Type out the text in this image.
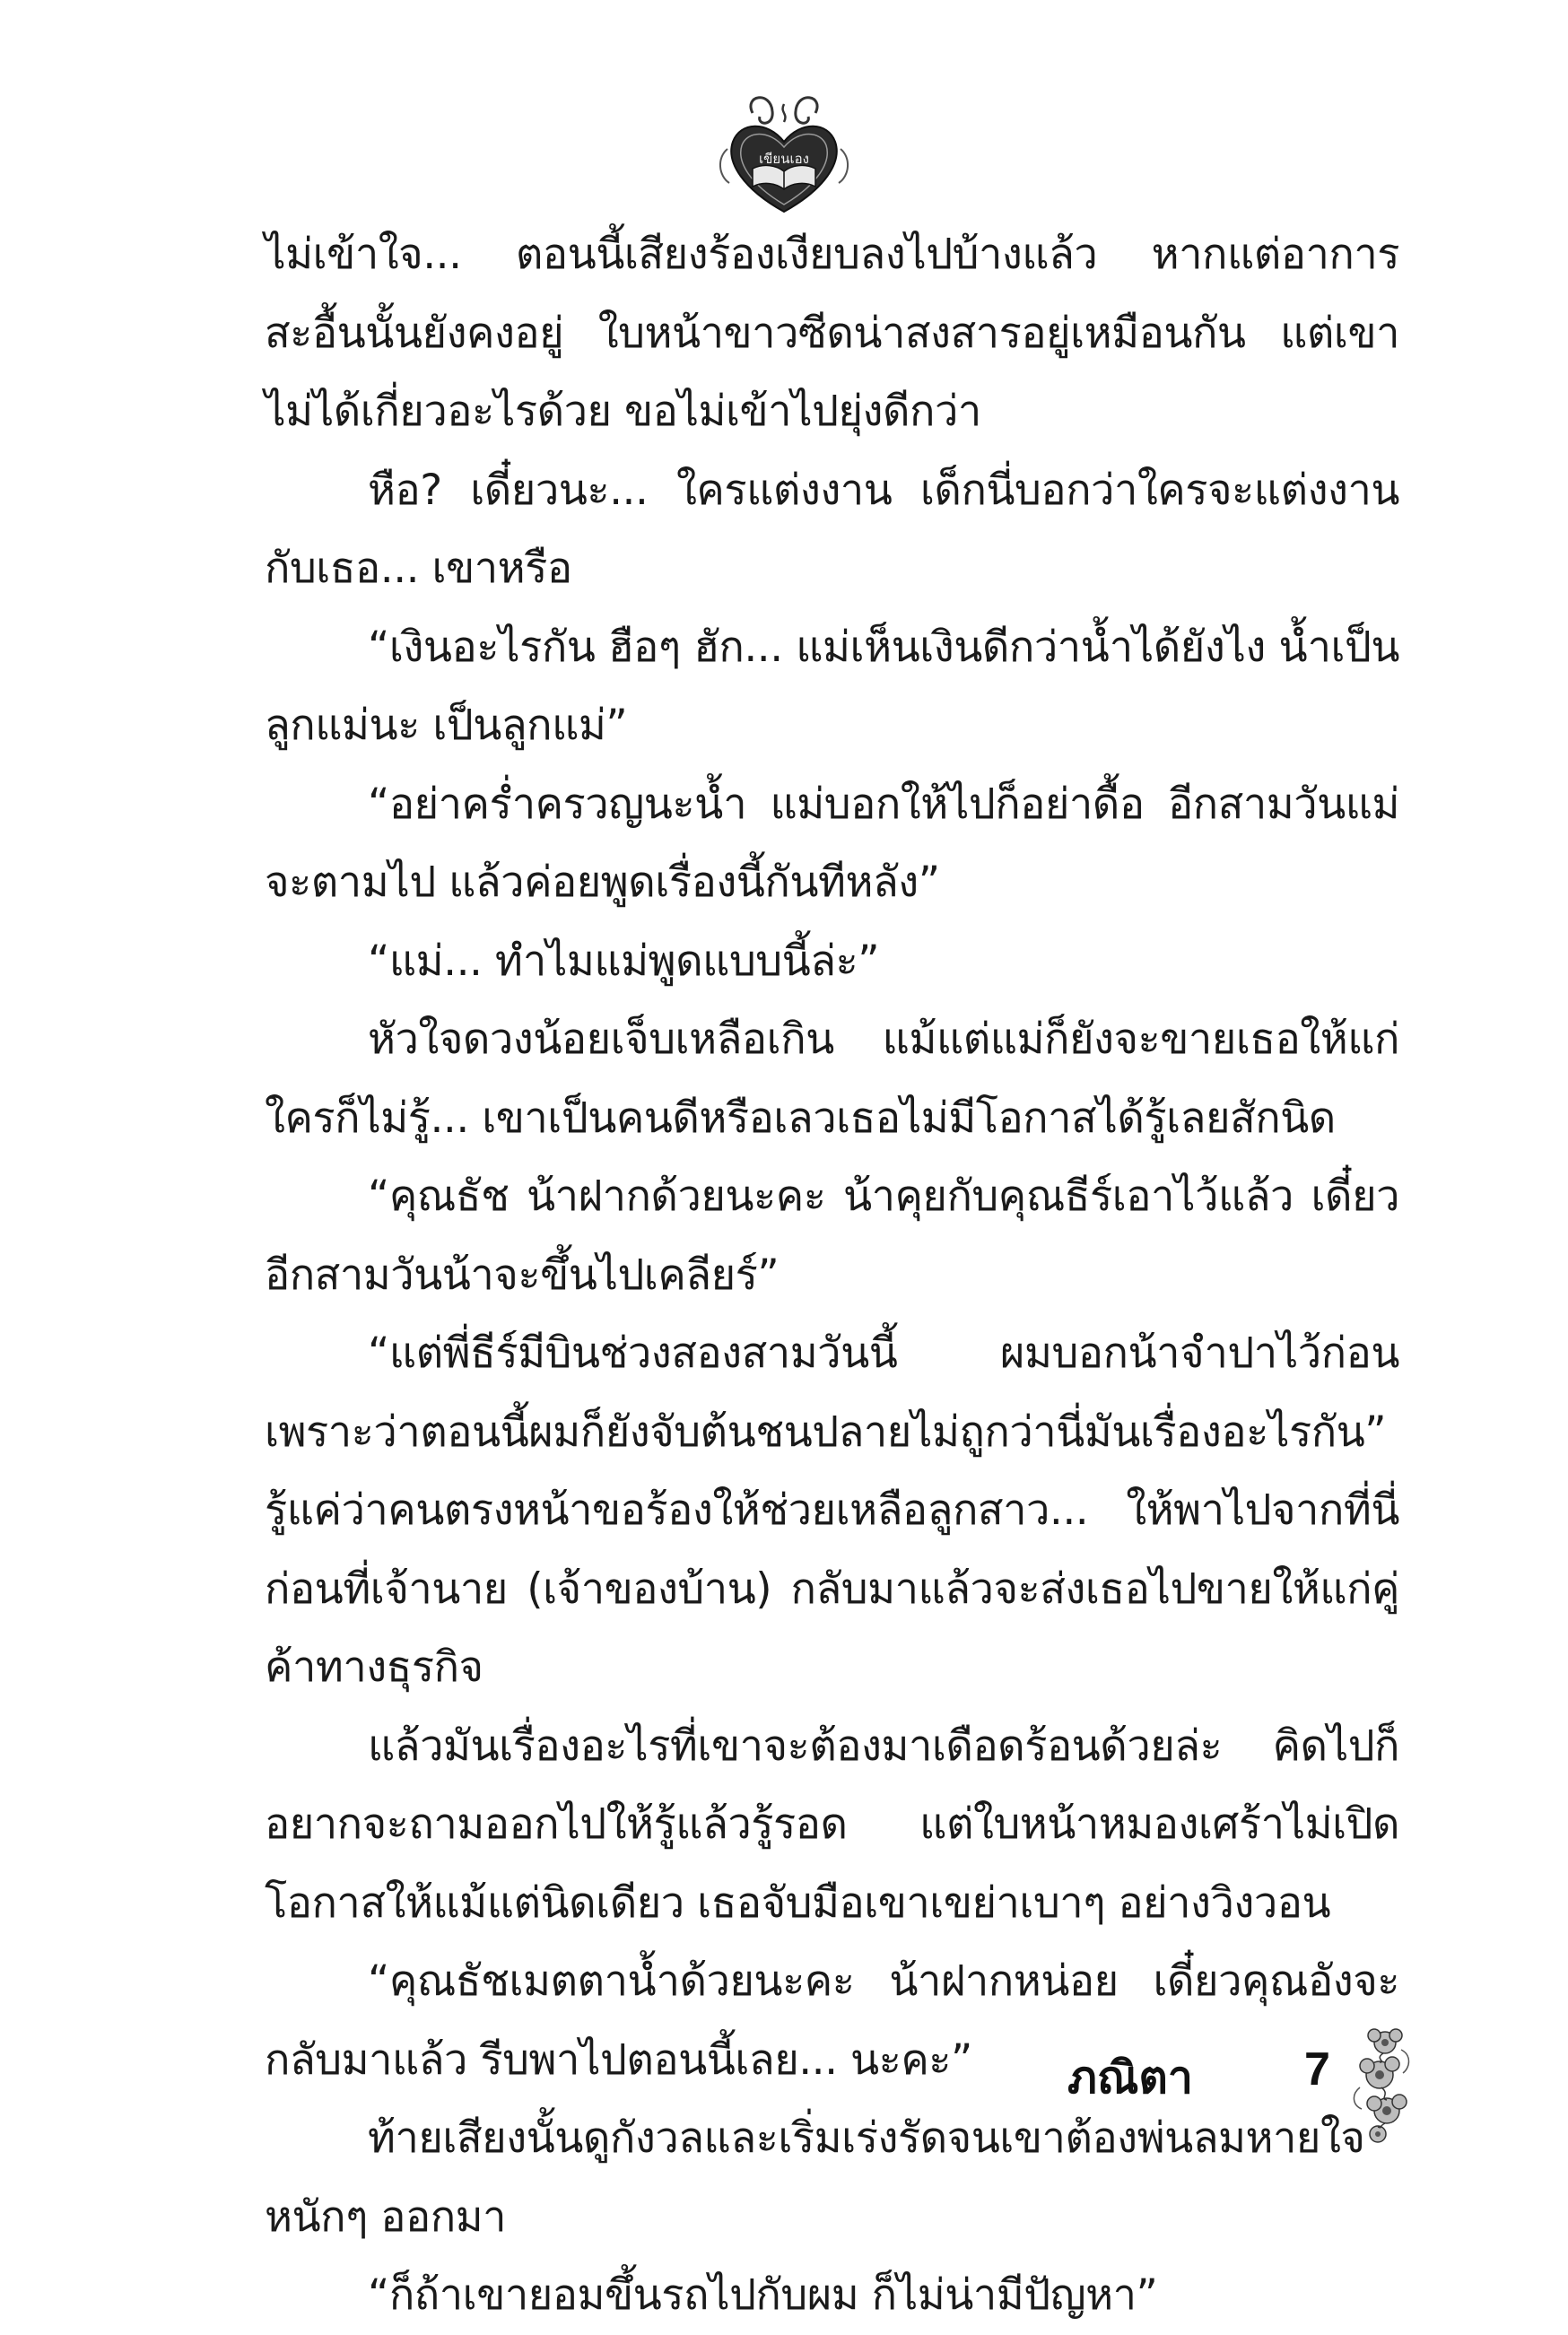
เขียนเอง

ไม่เข้าใจ... ตอนนี้เสียงร้องเงียบลงไปบ้างแล้ว หากแต่อาการสะอื้นนั้นยังคงอยู่ ใบหน้าขาวซีดน่าสงสารอยู่เหมือนกัน แต่เขาไม่ได้เกี่ยวอะไรด้วย ขอไม่เข้าไปยุ่งดีกว่า

หือ? เดี๋ยวนะ... ใครแต่งงาน เด็กนี่บอกว่าใครจะแต่งงานกับเธอ... เขาหรือ

“เงินอะไรกัน ฮือๆ ฮัก... แม่เห็นเงินดีกว่าน้ำได้ยังไง น้ำเป็นลูกแม่นะ เป็นลูกแม่”

“อย่าคร่ำครวญนะน้ำ แม่บอกให้ไปก็อย่าดื้อ อีกสามวันแม่จะตามไป แล้วค่อยพูดเรื่องนี้กันทีหลัง”

“แม่... ทำไมแม่พูดแบบนี้ล่ะ”

หัวใจดวงน้อยเจ็บเหลือเกิน แม้แต่แม่ก็ยังจะขายเธอให้แก่ใครก็ไม่รู้... เขาเป็นคนดีหรือเลวเธอไม่มีโอกาสได้รู้เลยสักนิด

“คุณธัช น้าฝากด้วยนะคะ น้าคุยกับคุณธีร์เอาไว้แล้ว เดี๋ยวอีกสามวันน้าจะขึ้นไปเคลียร์”

“แต่พี่ธีร์มีบินช่วงสองสามวันนี้ ผมบอกน้าจำปาไว้ก่อน เพราะว่าตอนนี้ผมก็ยังจับต้นชนปลายไม่ถูกว่านี่มันเรื่องอะไรกัน” รู้แค่ว่าคนตรงหน้าขอร้องให้ช่วยเหลือลูกสาว... ให้พาไปจากที่นี่ก่อนที่เจ้านาย (เจ้าของบ้าน) กลับมาแล้วจะส่งเธอไปขายให้แก่คู่ค้าทางธุรกิจ

แล้วมันเรื่องอะไรที่เขาจะต้องมาเดือดร้อนด้วยล่ะ คิดไปก็อยากจะถามออกไปให้รู้แล้วรู้รอด แต่ใบหน้าหมองเศร้าไม่เปิดโอกาสให้แม้แต่นิดเดียว เธอจับมือเขาเขย่าเบาๆ อย่างวิงวอน

“คุณธัชเมตตาน้ำด้วยนะคะ น้าฝากหน่อย เดี๋ยวคุณอังจะกลับมาแล้ว รีบพาไปตอนนี้เลย... นะคะ”

ท้ายเสียงนั้นดูกังวลและเริ่มเร่งรัดจนเขาต้องพ่นลมหายใจหนักๆ ออกมา

“ก็ถ้าเขายอมขึ้นรถไปกับผม ก็ไม่น่ามีปัญหา”

ภณิตา 7
